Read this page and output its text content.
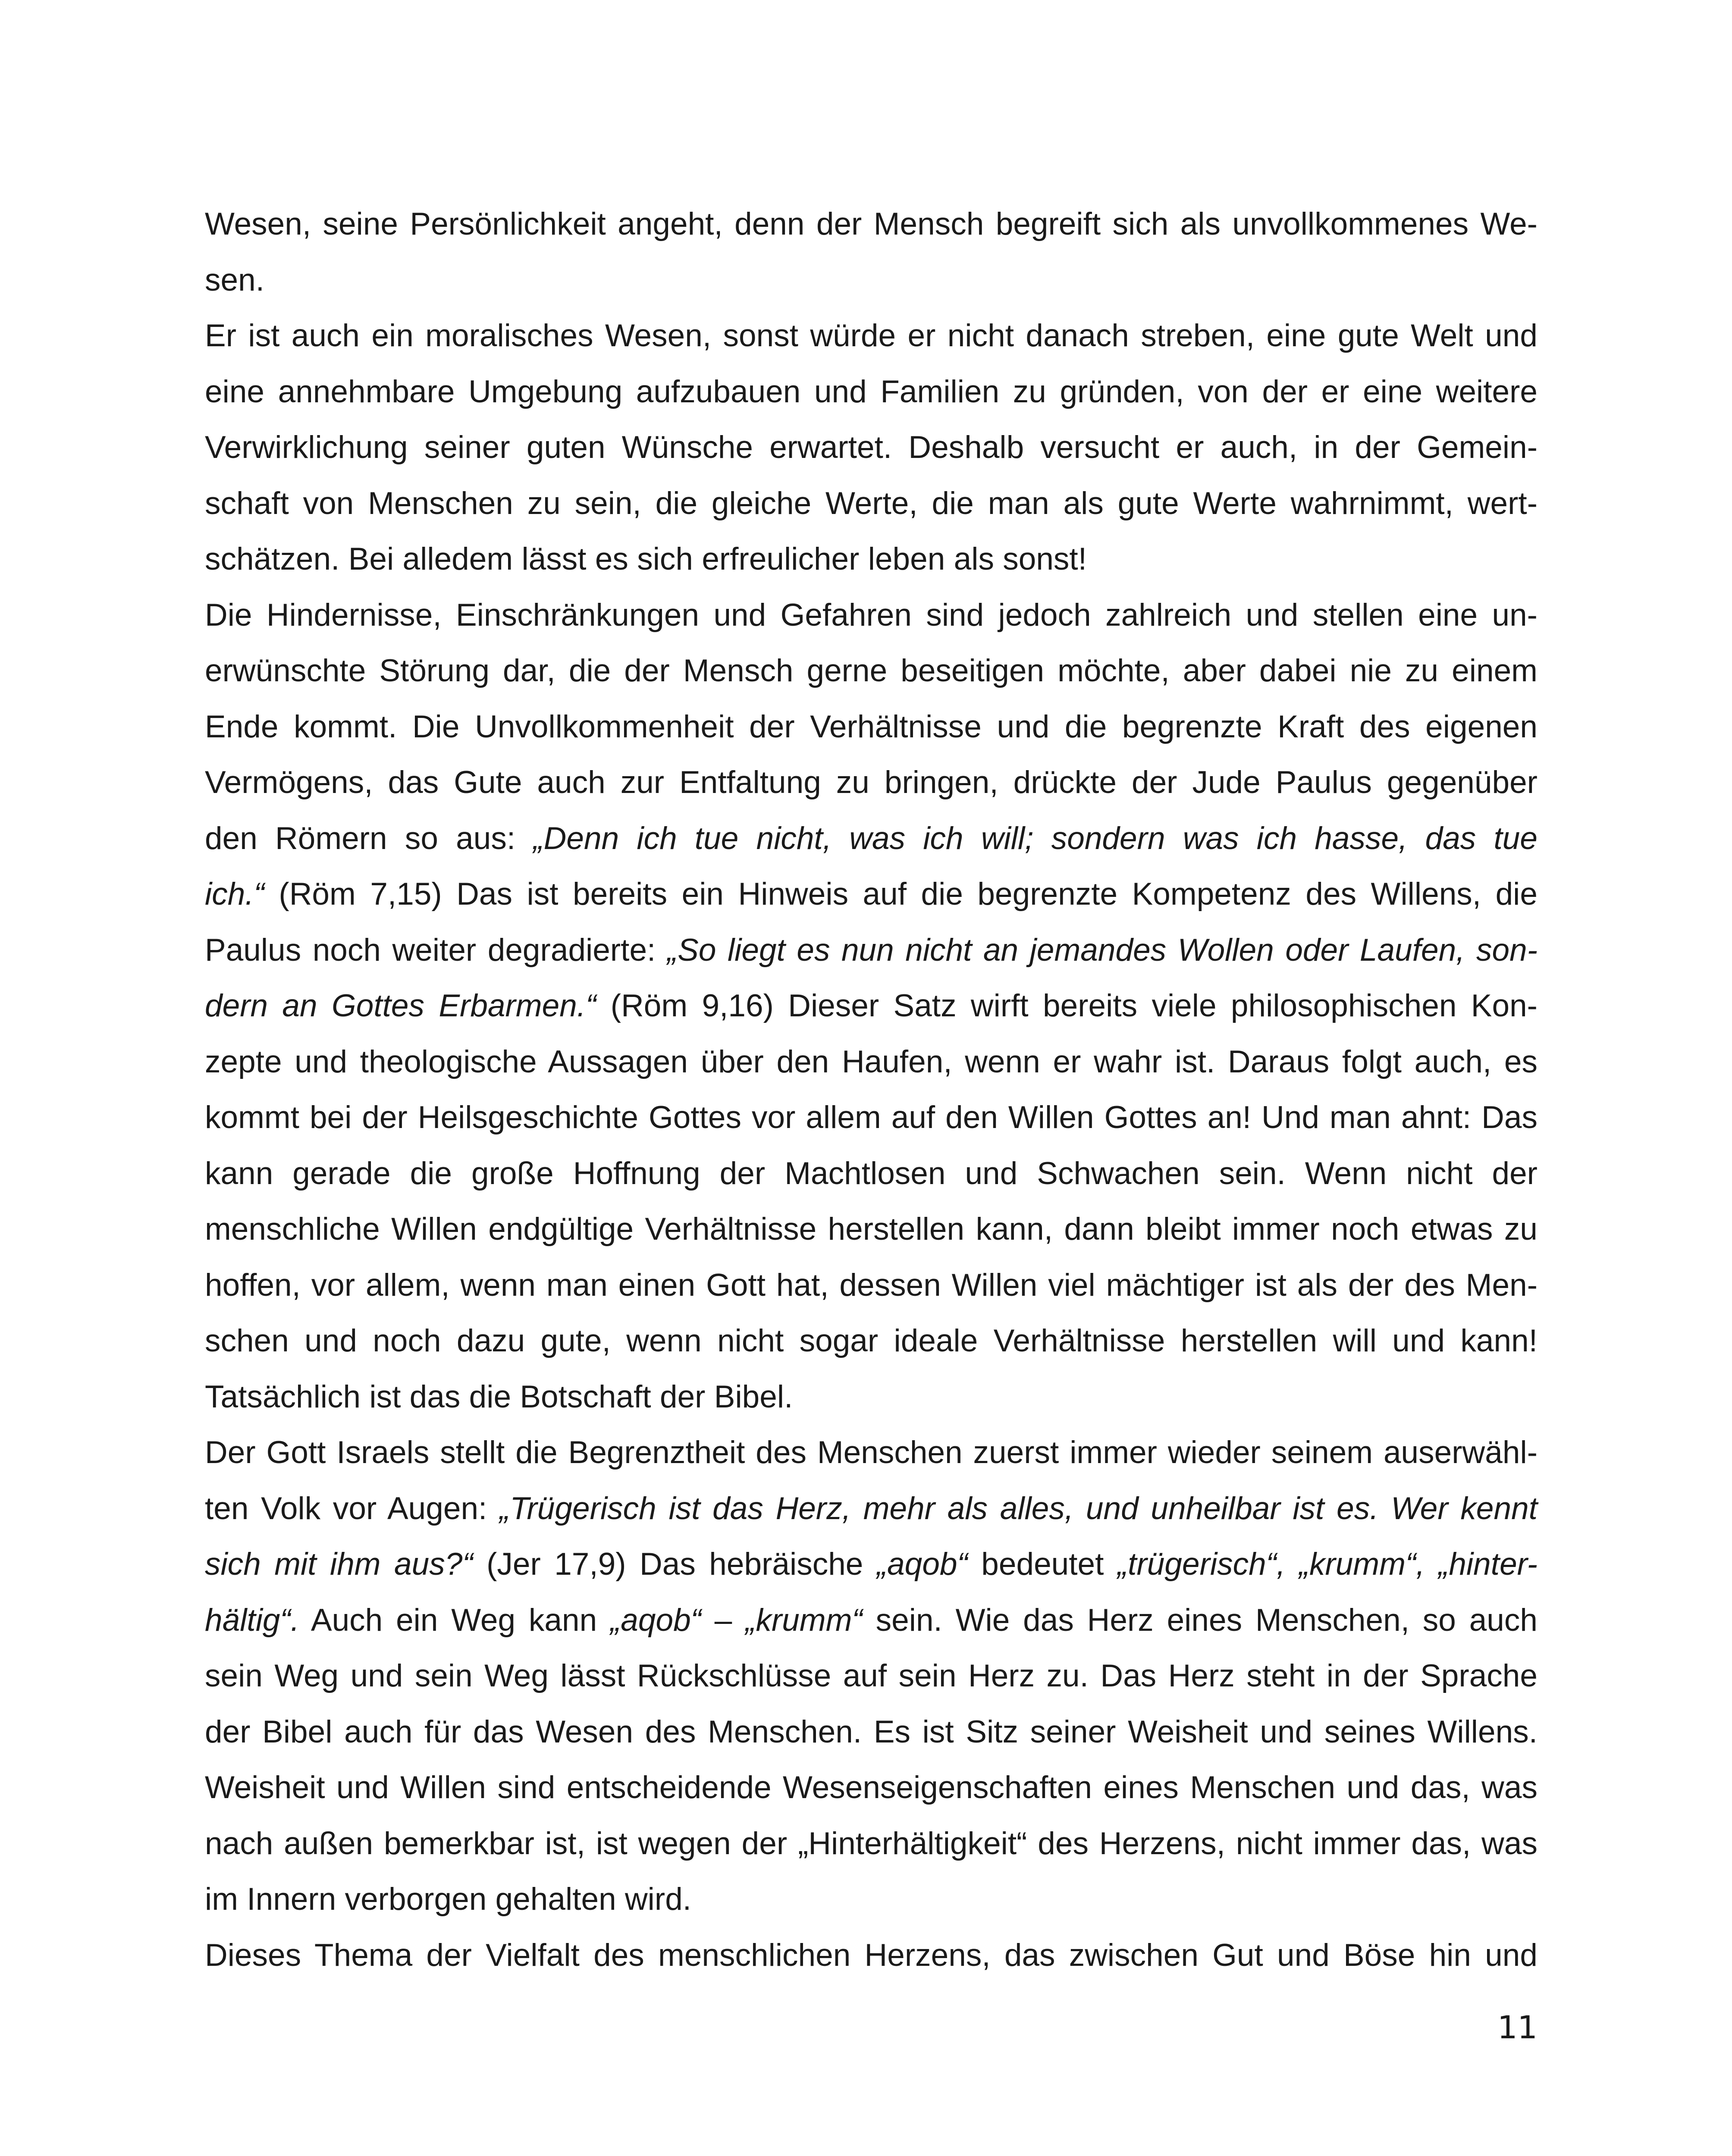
Wesen, seine Persönlichkeit angeht, denn der Mensch begreift sich als unvollkommenes We-
sen.
Er ist auch ein moralisches Wesen, sonst würde er nicht danach streben, eine gute Welt und
eine annehmbare Umgebung aufzubauen und Familien zu gründen, von der er eine weitere
Verwirklichung seiner guten Wünsche erwartet. Deshalb versucht er auch, in der Gemein-
schaft von Menschen zu sein, die gleiche Werte, die man als gute Werte wahrnimmt, wert-
schätzen. Bei alledem lässt es sich erfreulicher leben als sonst!
Die Hindernisse, Einschränkungen und Gefahren sind jedoch zahlreich und stellen eine un-
erwünschte Störung dar, die der Mensch gerne beseitigen möchte, aber dabei nie zu einem
Ende kommt. Die Unvollkommenheit der Verhältnisse und die begrenzte Kraft des eigenen
Vermögens, das Gute auch zur Entfaltung zu bringen, drückte der Jude Paulus gegenüber
den Römern so aus: „Denn ich tue nicht, was ich will; sondern was ich hasse, das tue
ich.“ (Röm 7,15) Das ist bereits ein Hinweis auf die begrenzte Kompetenz des Willens, die
Paulus noch weiter degradierte: „So liegt es nun nicht an jemandes Wollen oder Laufen, son-
dern an Gottes Erbarmen.“ (Röm 9,16) Dieser Satz wirft bereits viele philosophischen Kon-
zepte und theologische Aussagen über den Haufen, wenn er wahr ist. Daraus folgt auch, es
kommt bei der Heilsgeschichte Gottes vor allem auf den Willen Gottes an! Und man ahnt: Das
kann gerade die große Hoffnung der Machtlosen und Schwachen sein. Wenn nicht der
menschliche Willen endgültige Verhältnisse herstellen kann, dann bleibt immer noch etwas zu
hoffen, vor allem, wenn man einen Gott hat, dessen Willen viel mächtiger ist als der des Men-
schen und noch dazu gute, wenn nicht sogar ideale Verhältnisse herstellen will und kann!
Tatsächlich ist das die Botschaft der Bibel.
Der Gott Israels stellt die Begrenztheit des Menschen zuerst immer wieder seinem auserwähl-
ten Volk vor Augen: „Trügerisch ist das Herz, mehr als alles, und unheilbar ist es. Wer kennt
sich mit ihm aus?“ (Jer 17,9) Das hebräische „aqob“ bedeutet „trügerisch“, „krumm“, „hinter-
hältig“. Auch ein Weg kann „aqob“ – „krumm“ sein. Wie das Herz eines Menschen, so auch
sein Weg und sein Weg lässt Rückschlüsse auf sein Herz zu. Das Herz steht in der Sprache
der Bibel auch für das Wesen des Menschen. Es ist Sitz seiner Weisheit und seines Willens.
Weisheit und Willen sind entscheidende Wesenseigenschaften eines Menschen und das, was
nach außen bemerkbar ist, ist wegen der „Hinterhältigkeit“ des Herzens, nicht immer das, was
im Innern verborgen gehalten wird.
Dieses Thema der Vielfalt des menschlichen Herzens, das zwischen Gut und Böse hin und
11
